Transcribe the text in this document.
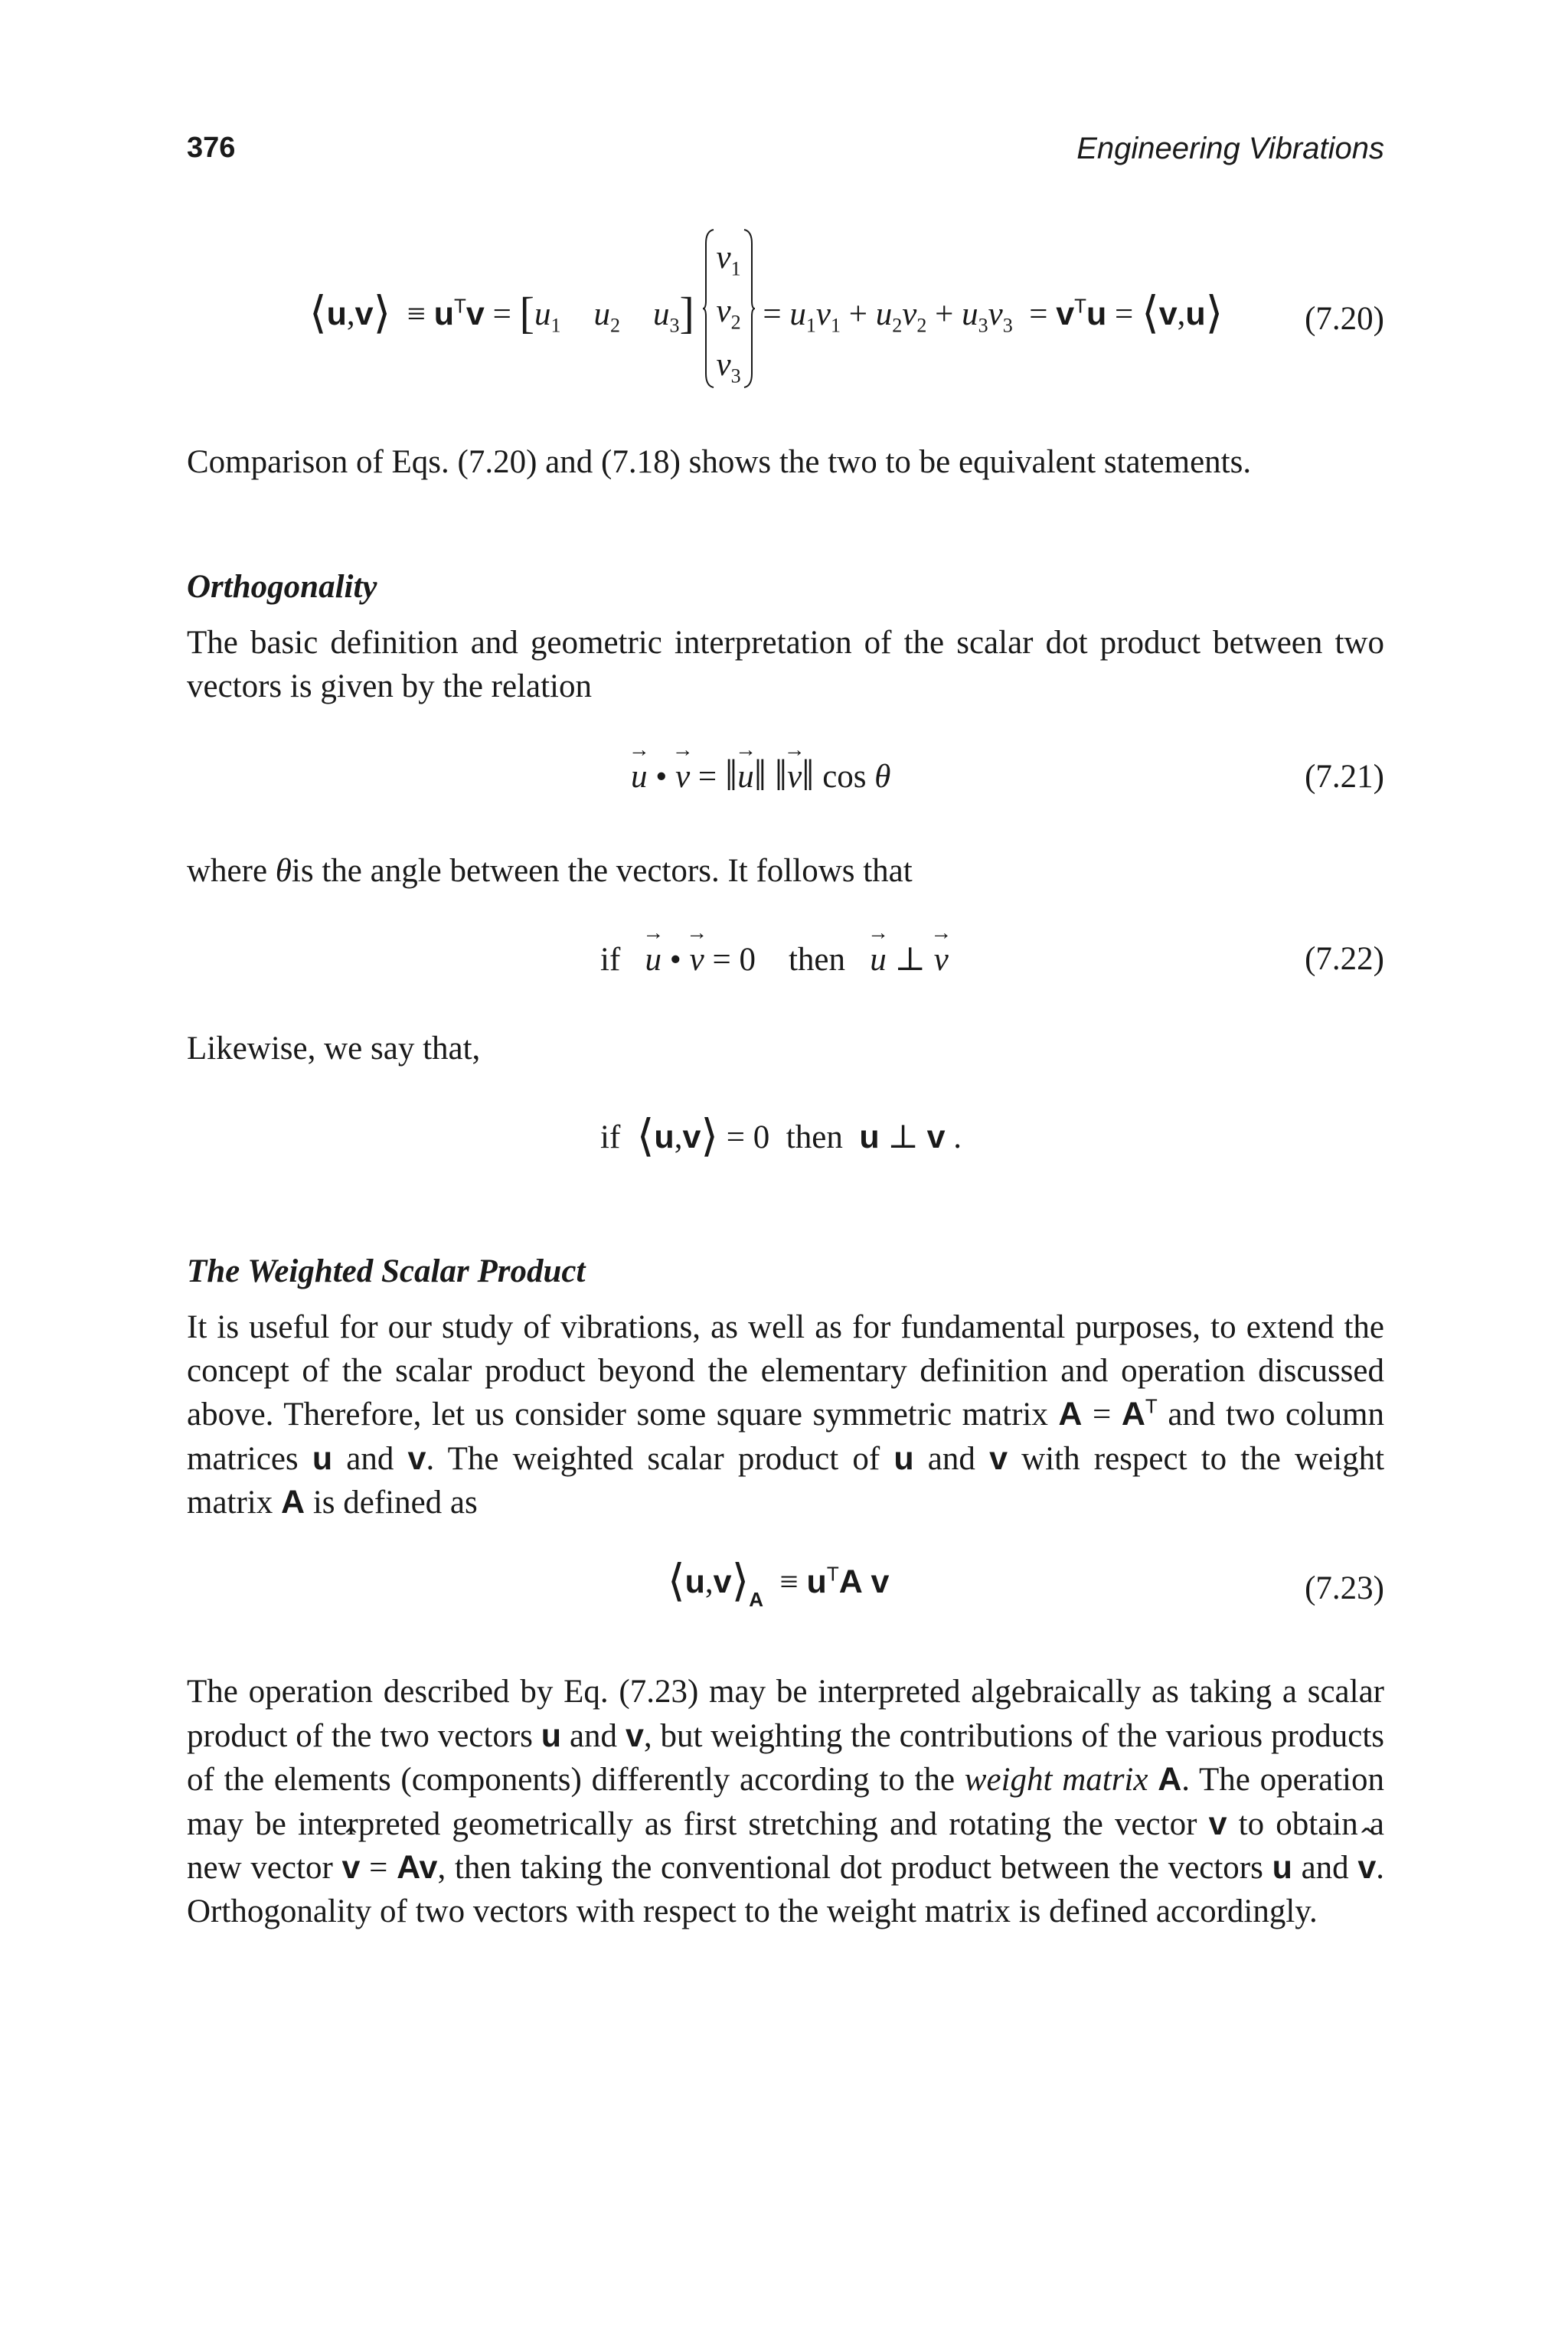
376	Engineering Vibrations
⟨u,v⟩  ≡ $u^Tv = [u_1$ $u_2$ $u_3$]
$v_1$
$v_2$
$v_3$
= $u_1v_1 + u_2v_2 + u_3v_3 = v^Tu$ = ⟨v,u⟩ (7.20)
Comparison of Eqs. (7.20) and (7.18) shows the two to be equivalent statements.
Orthogonality
The basic definition and geometric interpretation of the scalar dot product between two vectors is given by the relation
→ u • → v = ‖→ u‖ ‖→ v‖ cos θ	(7.21)
where θis the angle between the vectors. It follows that
if → u • → v = 0 then → u ⊥ → v	(7.22)
Likewise, we say that,
if ⟨u,v⟩ = 0 then u ⊥ v .
The Weighted Scalar Product
It is useful for our study of vibrations, as well as for fundamental purposes, to extend the concept of the scalar product beyond the elementary definition and operation discussed above. Therefore, let us consider some square symmetric matrix $A = A^T$ and two column matrices u and v. The weighted scalar product of u and v with respect to the weight matrix A is defined as
$⟨u,v⟩_A \equiv u^TA$ v	(7.23)
The operation described by Eq. (7.23) may be interpreted algebraically as taking a scalar product of the two vectors u and v, but weighting the contributions of the various products of the elements (components) differently according to the weight matrix A. The operation may be interpreted geometrically as first stretching and rotating the vector v to obtain a new vector ˆ v = Av, then taking the conventional dot product between the vectors u and ˆ v. Orthogonality of two vectors with respect to the weight matrix is defined accordingly.
